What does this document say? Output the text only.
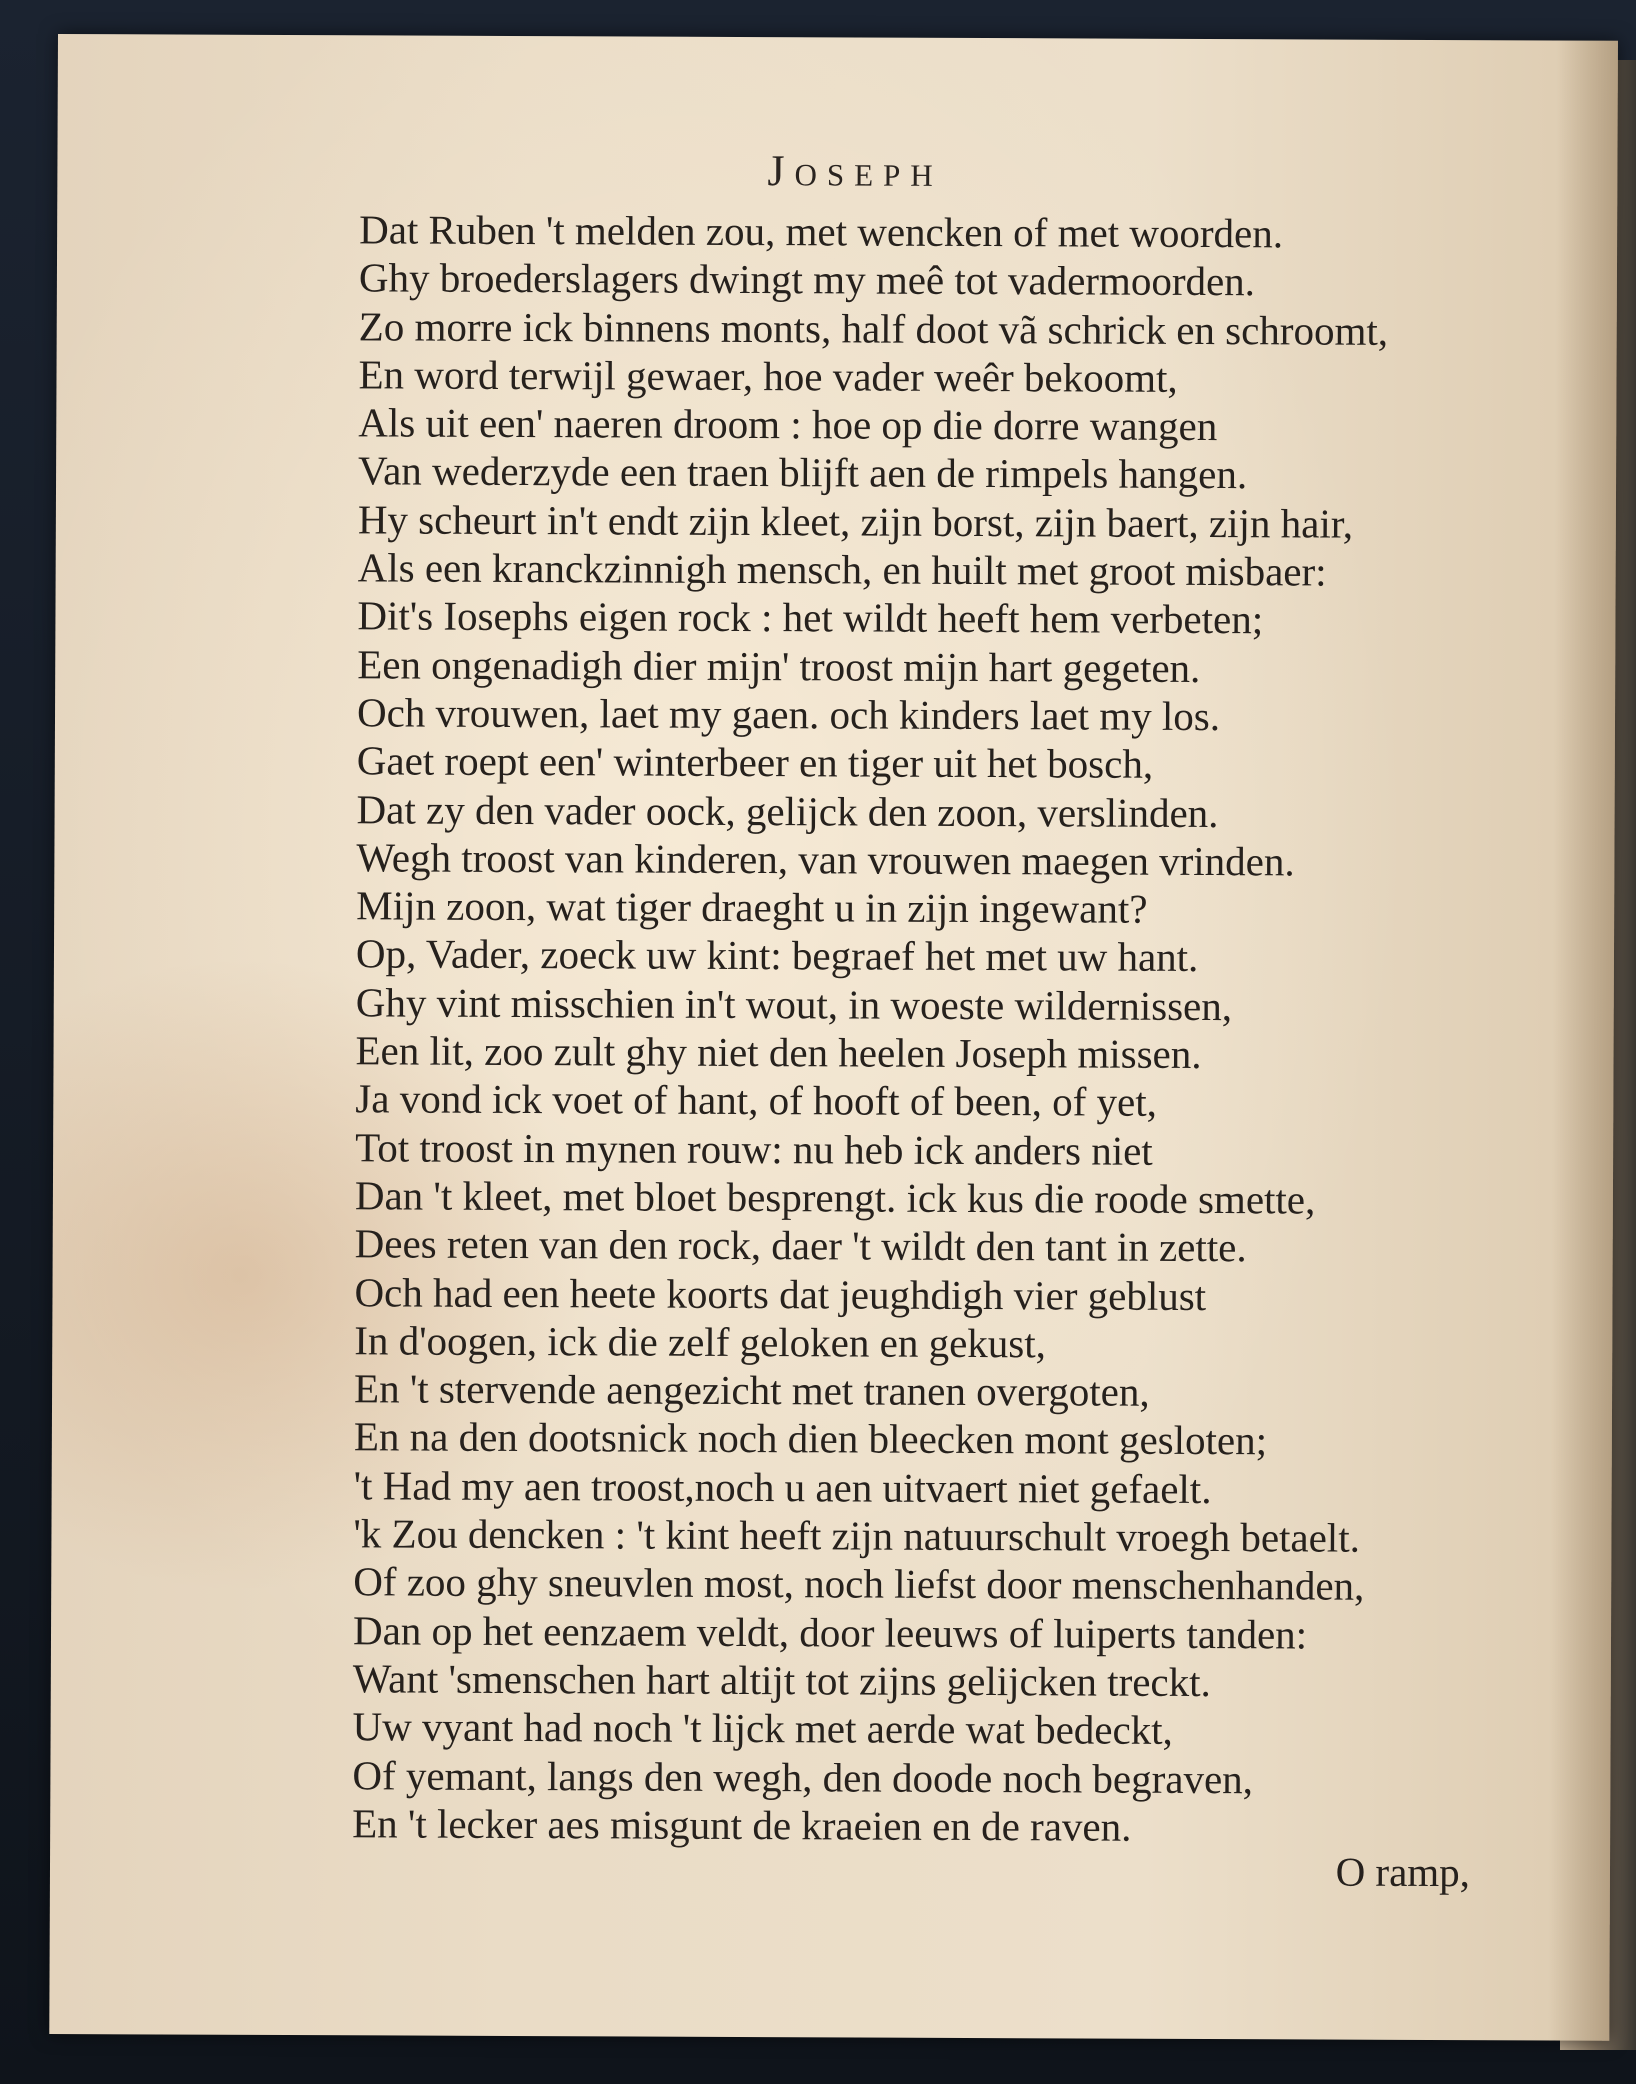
Joseph
Dat Ruben 't melden zou, met wencken of met woorden.
Ghy broederslagers dwingt my meê tot vadermoorden.
Zo morre ick binnens monts, half doot vã schrick en schroomt,
En word terwijl gewaer, hoe vader weêr bekoomt,
Als uit een' naeren droom : hoe op die dorre wangen
Van wederzyde een traen blijft aen de rimpels hangen.
Hy scheurt in't endt zijn kleet, zijn borst, zijn baert, zijn hair,
Als een kranckzinnigh mensch, en huilt met groot misbaer:
Dit's Iosephs eigen rock : het wildt heeft hem verbeten;
Een ongenadigh dier mijn' troost mijn hart gegeten.
Och vrouwen, laet my gaen. och kinders laet my los.
Gaet roept een' winterbeer en tiger uit het bosch,
Dat zy den vader oock, gelijck den zoon, verslinden.
Wegh troost van kinderen, van vrouwen maegen vrinden.
Mijn zoon, wat tiger draeght u in zijn ingewant?
Op, Vader, zoeck uw kint: begraef het met uw hant.
Ghy vint misschien in't wout, in woeste wildernissen,
Een lit, zoo zult ghy niet den heelen Joseph missen.
Ja vond ick voet of hant, of hooft of been, of yet,
Tot troost in mynen rouw: nu heb ick anders niet
Dan 't kleet, met bloet besprengt. ick kus die roode smette,
Dees reten van den rock, daer 't wildt den tant in zette.
Och had een heete koorts dat jeughdigh vier geblust
In d'oogen, ick die zelf geloken en gekust,
En 't stervende aengezicht met tranen overgoten,
En na den dootsnick noch dien bleecken mont gesloten;
't Had my aen troost,noch u aen uitvaert niet gefaelt.
'k Zou dencken : 't kint heeft zijn natuurschult vroegh betaelt.
Of zoo ghy sneuvlen most, noch liefst door menschenhanden,
Dan op het eenzaem veldt, door leeuws of luiperts tanden:
Want 'smenschen hart altijt tot zijns gelijcken treckt.
Uw vyant had noch 't lijck met aerde wat bedeckt,
Of yemant, langs den wegh, den doode noch begraven,
En 't lecker aes misgunt de kraeien en de raven.
O ramp,
